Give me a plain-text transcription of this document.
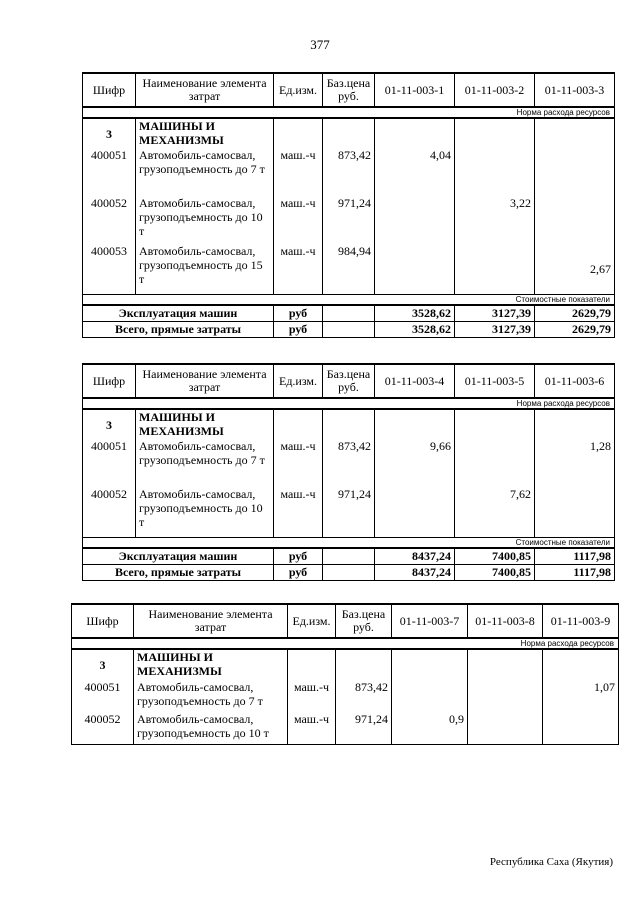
377
Шифр	Наименование элемента затрат	Ед.изм.	Баз.цена руб.	01-11-003-1	01-11-003-2	01-11-003-3
Норма расхода ресурсов						
3	МАШИНЫ И МЕХАНИЗМЫ					
400051	Автомобиль-самосвал, грузоподъемность до 7 т	маш.-ч	873,42	4,04		
400052	Автомобиль-самосвал, грузоподъемность до 10 т	маш.-ч	971,24		3,22	
400053	Автомобиль-самосвал, грузоподъемность до 15 т	маш.-ч	984,94			2,67
Стоимостные показатели						
Эксплуатация машин		руб		3528,62	3127,39	2629,79
Всего, прямые затраты		руб		3528,62	3127,39	2629,79
Шифр	Наименование элемента затрат	Ед.изм.	Баз.цена руб.	01-11-003-4	01-11-003-5	01-11-003-6
Норма расхода ресурсов						
3	МАШИНЫ И МЕХАНИЗМЫ					
400051	Автомобиль-самосвал, грузоподъемность до 7 т	маш.-ч	873,42	9,66		1,28
400052	Автомобиль-самосвал, грузоподъемность до 10 т	маш.-ч	971,24		7,62	
Стоимостные показатели						
Эксплуатация машин		руб		8437,24	7400,85	1117,98
Всего, прямые затраты		руб		8437,24	7400,85	1117,98
Шифр	Наименование элемента затрат	Ед.изм.	Баз.цена руб.	01-11-003-7	01-11-003-8	01-11-003-9
Норма расхода ресурсов						
3	МАШИНЫ И МЕХАНИЗМЫ					
400051	Автомобиль-самосвал, грузоподъемность до 7 т	маш.-ч	873,42			1,07
400052	Автомобиль-самосвал, грузоподъемность до 10 т	маш.-ч	971,24	0,9		
Республика Саха (Якутия)
